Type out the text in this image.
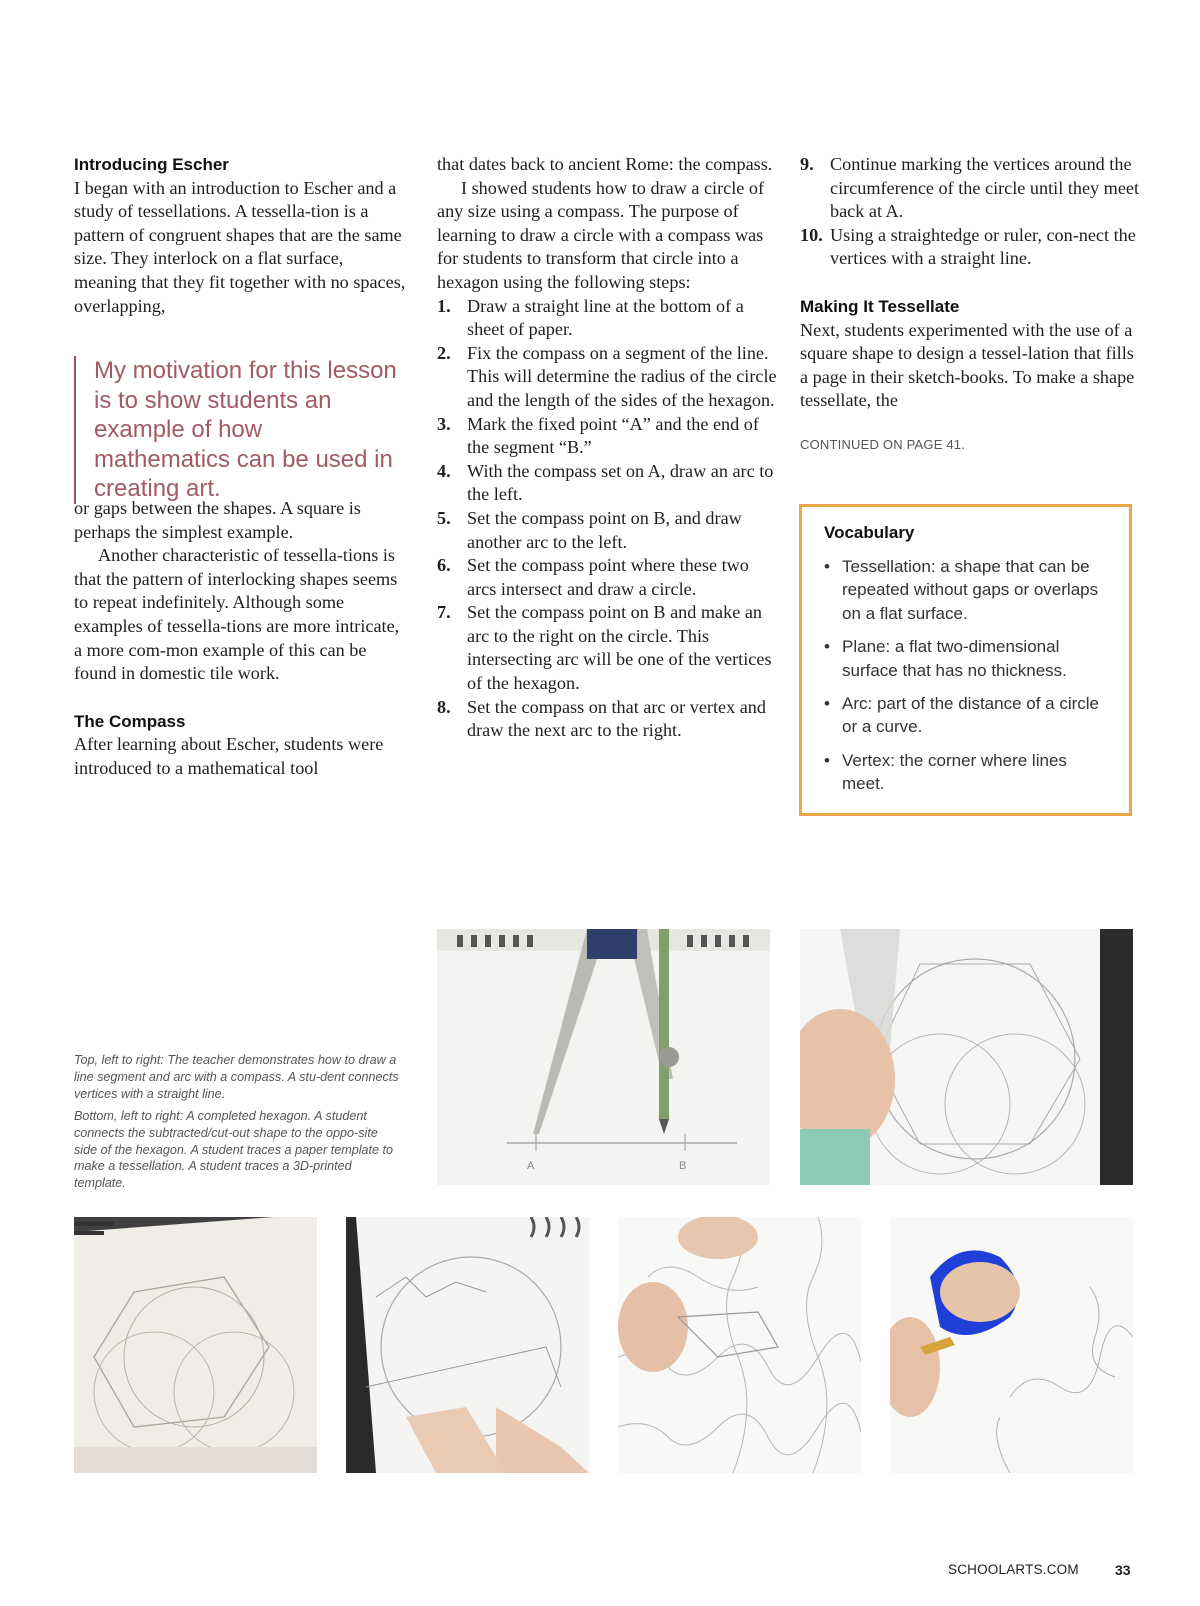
Introducing Escher
I began with an introduction to Escher and a study of tessellations. A tessella-tion is a pattern of congruent shapes that are the same size. They interlock on a flat surface, meaning that they fit together with no spaces, overlapping,
My motivation for this lesson is to show students an example of how mathematics can be used in creating art.
or gaps between the shapes. A square is perhaps the simplest example.
Another characteristic of tessella-tions is that the pattern of interlocking shapes seems to repeat indefinitely. Although some examples of tessella-tions are more intricate, a more com-mon example of this can be found in domestic tile work.
The Compass
After learning about Escher, students were introduced to a mathematical tool
that dates back to ancient Rome: the compass.
I showed students how to draw a circle of any size using a compass. The purpose of learning to draw a circle with a compass was for students to transform that circle into a hexagon using the following steps:
1. Draw a straight line at the bottom of a sheet of paper.
2. Fix the compass on a segment of the line. This will determine the radius of the circle and the length of the sides of the hexagon.
3. Mark the fixed point “A” and the end of the segment “B.”
4. With the compass set on A, draw an arc to the left.
5. Set the compass point on B, and draw another arc to the left.
6. Set the compass point where these two arcs intersect and draw a circle.
7. Set the compass point on B and make an arc to the right on the circle. This intersecting arc will be one of the vertices of the hexagon.
8. Set the compass on that arc or vertex and draw the next arc to the right.
9. Continue marking the vertices around the circumference of the circle until they meet back at A.
10. Using a straightedge or ruler, con-nect the vertices with a straight line.
Making It Tessellate
Next, students experimented with the use of a square shape to design a tessel-lation that fills a page in their sketch-books. To make a shape tessellate, the
CONTINUED ON PAGE 41.
Vocabulary
• Tessellation: a shape that can be repeated without gaps or overlaps on a flat surface.
• Plane: a flat two-dimensional surface that has no thickness.
• Arc: part of the distance of a circle or a curve.
• Vertex: the corner where lines meet.
Top, left to right: The teacher demonstrates how to draw a line segment and arc with a compass. A stu-dent connects vertices with a straight line.
Bottom, left to right: A completed hexagon. A student connects the subtracted/cut-out shape to the oppo-site side of the hexagon. A student traces a paper template to make a tessellation. A student traces a 3D-printed template.
A	B
SCHOOLARTS.COM	33
